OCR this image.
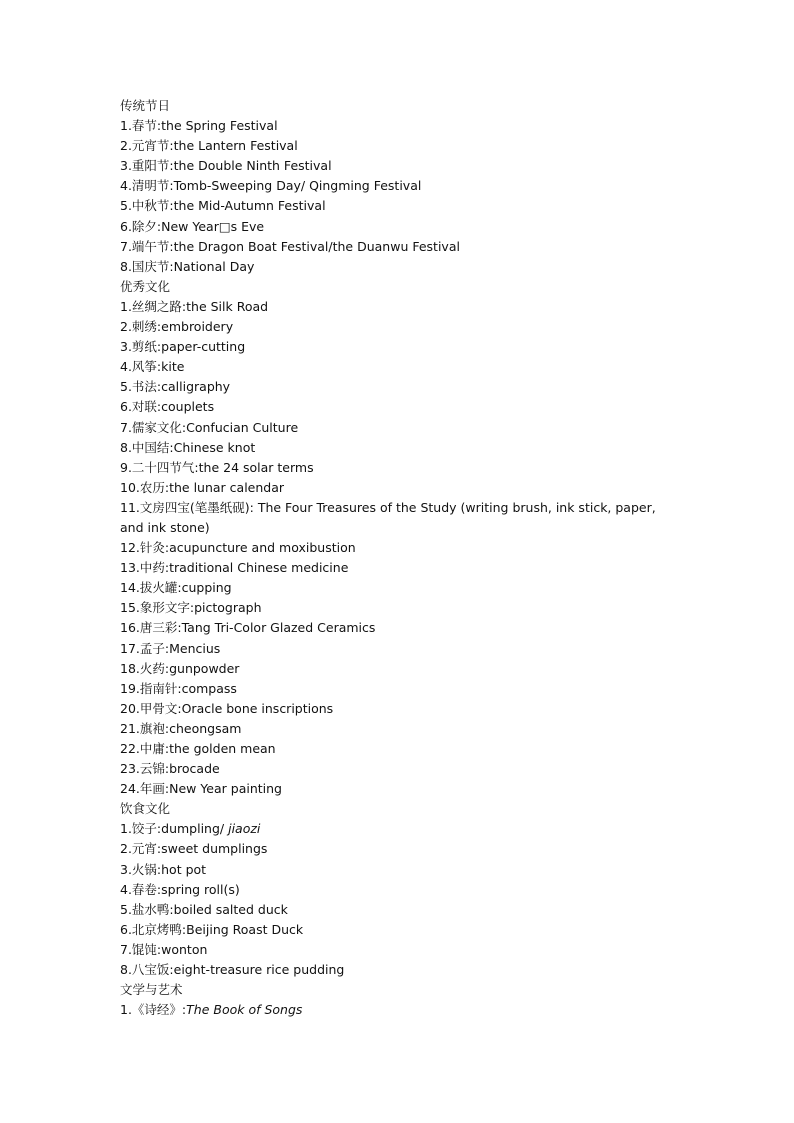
传统节日
1.春节:the Spring Festival
2.元宵节:the Lantern Festival
3.重阳节:the Double Ninth Festival
4.清明节:Tomb-Sweeping Day/ Qingming Festival
5.中秋节:the Mid-Autumn Festival
6.除夕:New Year□s Eve
7.端午节:the Dragon Boat Festival/the Duanwu Festival
8.国庆节:National Day
优秀文化
1.丝绸之路:the Silk Road
2.刺绣:embroidery
3.剪纸:paper-cutting
4.风筝:kite
5.书法:calligraphy
6.对联:couplets
7.儒家文化:Confucian Culture
8.中国结:Chinese knot
9.二十四节气:the 24 solar terms
10.农历:the lunar calendar
11.文房四宝(笔墨纸砚): The Four Treasures of the Study (writing brush, ink stick, paper, and ink stone)
12.针灸:acupuncture and moxibustion
13.中药:traditional Chinese medicine
14.拔火罐:cupping
15.象形文字:pictograph
16.唐三彩:Tang Tri-Color Glazed Ceramics
17.孟子:Mencius
18.火药:gunpowder
19.指南针:compass
20.甲骨文:Oracle bone inscriptions
21.旗袍:cheongsam
22.中庸:the golden mean
23.云锦:brocade
24.年画:New Year painting
饮食文化
1.饺子:dumpling/ jiaozi
2.元宵:sweet dumplings
3.火锅:hot pot
4.春卷:spring roll(s)
5.盐水鸭:boiled salted duck
6.北京烤鸭:Beijing Roast Duck
7.馄饨:wonton
8.八宝饭:eight-treasure rice pudding
文学与艺术
1.《诗经》:The Book of Songs
